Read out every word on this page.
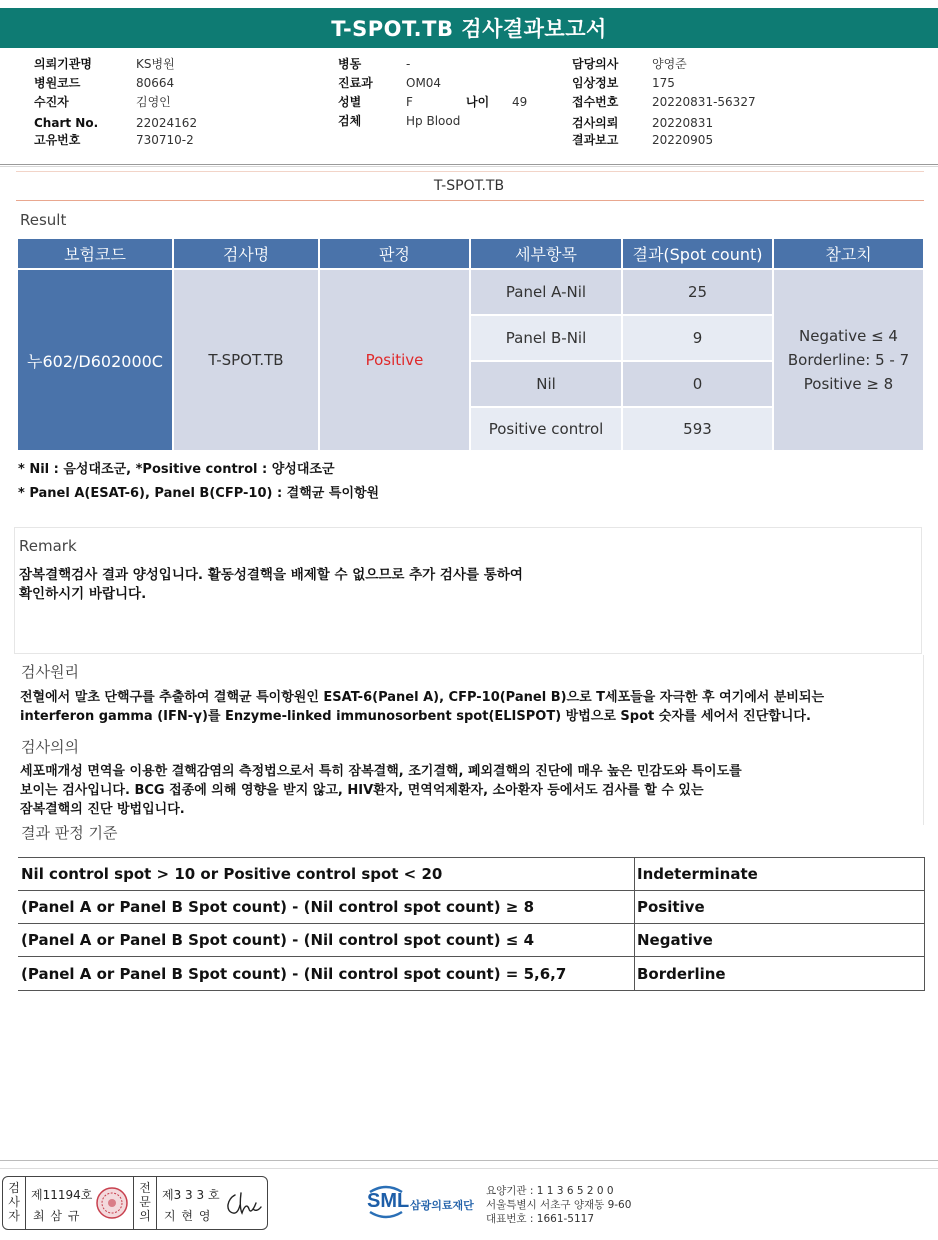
T-SPOT.TB 검사결과보고서
의뢰기관명	KS병원
병원코드	80664
수진자	김영인
Chart No.	22024162
고유번호	730710-2
병동	-
진료과	OM04
성별	F	나이 49
검체	Hp Blood
담당의사	양영준
임상정보	175
접수번호	20220831-56327
검사의뢰	20220831
결과보고	20220905
T-SPOT.TB
Result
보험코드	검사명	판정	세부항목	결과(Spot count)	참고치
누602/D602000C	T-SPOT.TB	Positive
Panel A-Nil	25
Panel B-Nil	9
Nil	0
Positive control	593
Negative ≤ 4
Borderline: 5 - 7
Positive ≥ 8
* Nil : 음성대조군, *Positive control : 양성대조군
* Panel A(ESAT-6), Panel B(CFP-10) : 결핵균 특이항원
Remark
잠복결핵검사 결과 양성입니다. 활동성결핵을 배제할 수 없으므로 추가 검사를 통하여
확인하시기 바랍니다.
검사원리
전혈에서 말초 단핵구를 추출하여 결핵균 특이항원인 ESAT-6(Panel A), CFP-10(Panel B)으로 T세포들을 자극한 후 여기에서 분비되는
interferon gamma (IFN-γ)를 Enzyme-linked immunosorbent spot(ELISPOT) 방법으로 Spot 숫자를 세어서 진단합니다.
검사의의
세포매개성 면역을 이용한 결핵감염의 측정법으로서 특히 잠복결핵, 조기결핵, 폐외결핵의 진단에 매우 높은 민감도와 특이도를
보이는 검사입니다. BCG 접종에 의해 영향을 받지 않고, HIV환자, 면역억제환자, 소아환자 등에서도 검사를 할 수 있는
잠복결핵의 진단 방법입니다.
결과 판정 기준
Nil control spot > 10 or Positive control spot < 20	Indeterminate
(Panel A or Panel B Spot count) - (Nil control spot count) ≥ 8	Positive
(Panel A or Panel B Spot count) - (Nil control spot count) ≤ 4	Negative
(Panel A or Panel B Spot count) - (Nil control spot count) = 5,6,7	Borderline
검
사
자
제11194호
최 삼 규
전
문
의
제3 3 3 호
지 현 영
SML 삼광의료재단
요양기관 : 1 1 3 6 5 2 0 0
서울특별시 서초구 양재동 9-60
대표번호 : 1661-5117
